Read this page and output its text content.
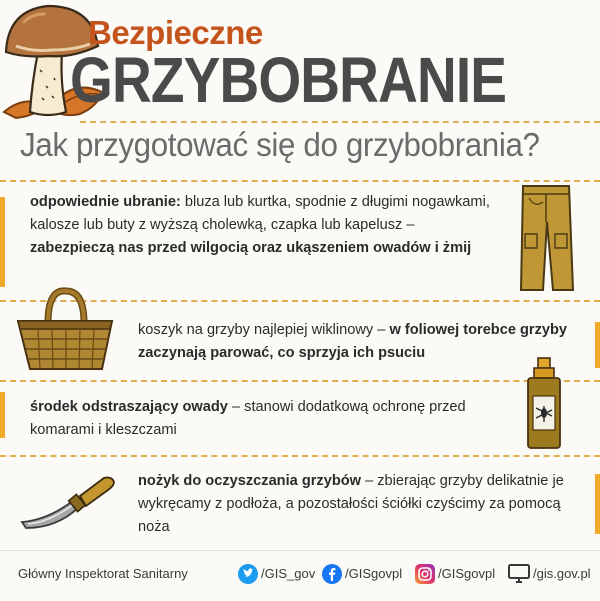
Bezpieczne
GRZYBOBRANIE
Jak przygotować się do grzybobrania?
odpowiednie ubranie: bluza lub kurtka, spodnie z długimi nogawkami, kalosze lub buty z wyższą cholewką, czapka lub kapelusz – zabezpieczą nas przed wilgocią oraz ukąszeniem owadów i żmij
koszyk na grzyby najlepiej wiklinowy – w foliowej torebce grzyby zaczynają parować, co sprzyja ich psuciu
środek odstraszający owady – stanowi dodatkową ochronę przed komarami i kleszczami
nożyk do oczyszczania grzybów – zbierając grzyby delikatnie je wykręcamy z podłoża, a pozostałości ściółki czyścimy za pomocą noża
Główny Inspektorat Sanitarny	/GIS_gov /GISgovpl	/GISgovpl	/gis.gov.pl
